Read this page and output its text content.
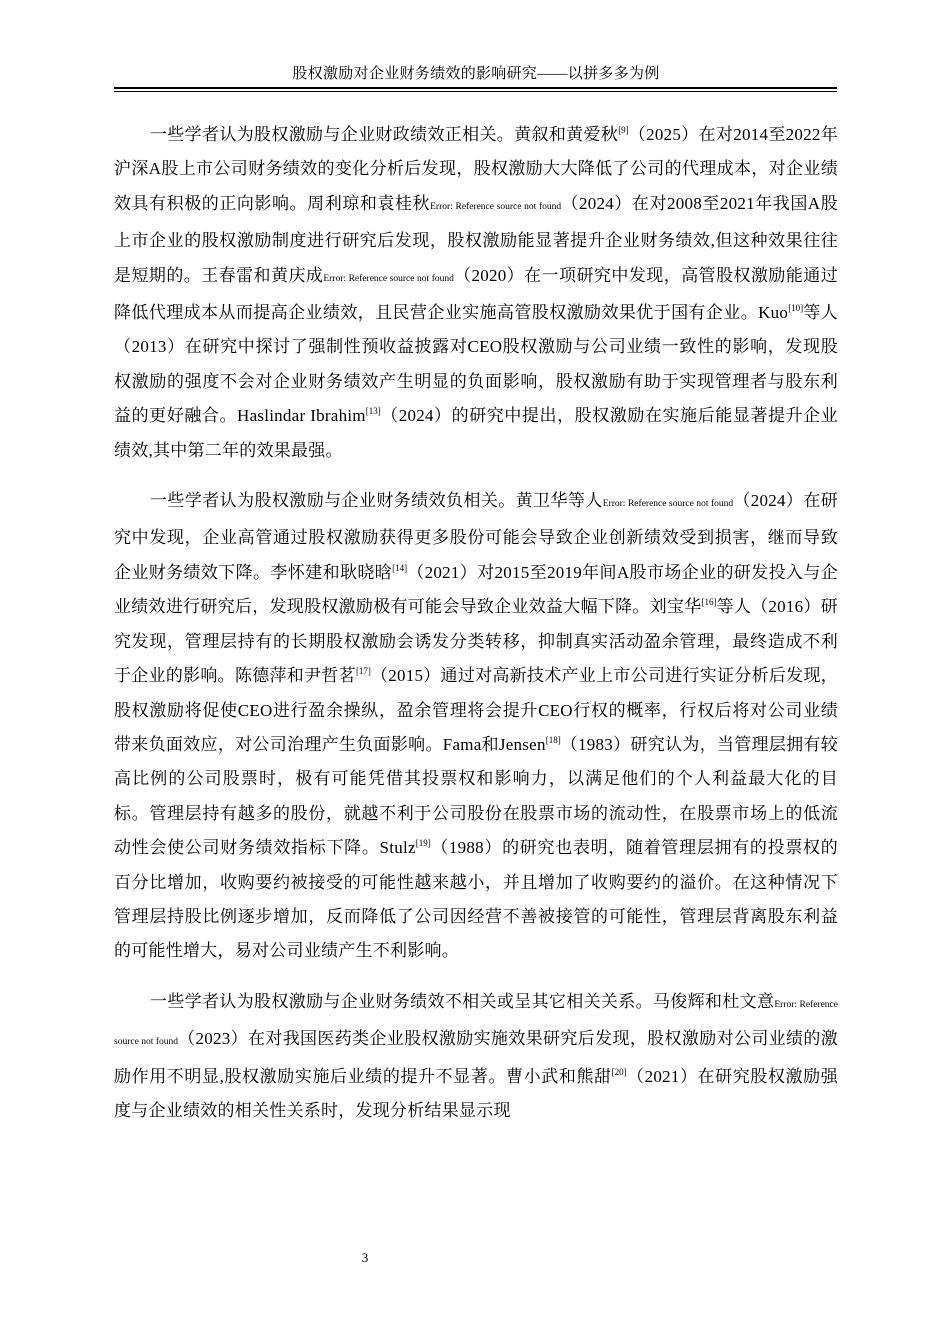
股权激励对企业财务绩效的影响研究——以拼多多为例

一些学者认为股权激励与企业财政绩效正相关。黄叙和黄爱秋[9]（2025）在对2014至2022年沪深A股上市公司财务绩效的变化分析后发现，股权激励大大降低了公司的代理成本，对企业绩效具有积极的正向影响。周利琼和袁桂秋Error: Reference source not found（2024）在对2008至2021年我国A股上市企业的股权激励制度进行研究后发现，股权激励能显著提升企业财务绩效,但这种效果往往是短期的。王春雷和黄庆成Error: Reference source not found（2020）在一项研究中发现，高管股权激励能通过降低代理成本从而提高企业绩效，且民营企业实施高管股权激励效果优于国有企业。Kuo[10]等人（2013）在研究中探讨了强制性预收益披露对CEO股权激励与公司业绩一致性的影响，发现股权激励的强度不会对企业财务绩效产生明显的负面影响，股权激励有助于实现管理者与股东利益的更好融合。Haslindar Ibrahim[13]（2024）的研究中提出，股权激励在实施后能显著提升企业绩效,其中第二年的效果最强。

一些学者认为股权激励与企业财务绩效负相关。黄卫华等人Error: Reference source not found（2024）在研究中发现，企业高管通过股权激励获得更多股份可能会导致企业创新绩效受到损害，继而导致企业财务绩效下降。李怀建和耿晓晗[14]（2021）对2015至2019年间A股市场企业的研发投入与企业绩效进行研究后，发现股权激励极有可能会导致企业效益大幅下降。刘宝华[16]等人（2016）研究发现，管理层持有的长期股权激励会诱发分类转移，抑制真实活动盈余管理，最终造成不利于企业的影响。陈德萍和尹哲茗[17]（2015）通过对高新技术产业上市公司进行实证分析后发现，股权激励将促使CEO进行盈余操纵，盈余管理将会提升CEO行权的概率，行权后将对公司业绩带来负面效应，对公司治理产生负面影响。Fama和Jensen[18]（1983）研究认为，当管理层拥有较高比例的公司股票时，极有可能凭借其投票权和影响力，以满足他们的个人利益最大化的目标。管理层持有越多的股份，就越不利于公司股份在股票市场的流动性，在股票市场上的低流动性会使公司财务绩效指标下降。Stulz[19]（1988）的研究也表明，随着管理层拥有的投票权的百分比增加，收购要约被接受的可能性越来越小，并且增加了收购要约的溢价。在这种情况下管理层持股比例逐步增加，反而降低了公司因经营不善被接管的可能性，管理层背离股东利益的可能性增大，易对公司业绩产生不利影响。

一些学者认为股权激励与企业财务绩效不相关或呈其它相关关系。马俊辉和杜文意Error: Reference source not found（2023）在对我国医药类企业股权激励实施效果研究后发现，股权激励对公司业绩的激励作用不明显,股权激励实施后业绩的提升不显著。曹小武和熊甜[20]（2021）在研究股权激励强度与企业绩效的相关性关系时，发现分析结果显示现

3
